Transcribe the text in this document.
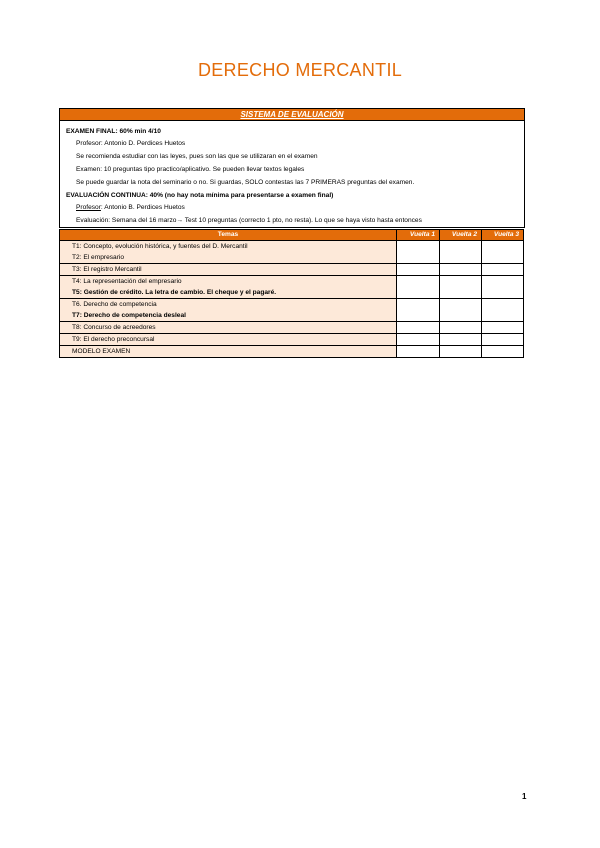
DERECHO MERCANTIL
SISTEMA DE EVALUACIÓN
EXAMEN FINAL: 60% min 4/10
Profesor: Antonio D. Perdices Huetos
Se recomienda estudiar con las leyes, pues son las que se utilizaran en el examen
Examen: 10 preguntas tipo practico/aplicativo. Se pueden llevar textos legales
Se puede guardar la nota del seminario o no. Si guardas, SOLO contestas las 7 PRIMERAS preguntas del examen.
EVALUACIÓN CONTINUA: 40% (no hay nota mínima para presentarse a examen final)
Profesor: Antonio B. Perdices Huetos
Evaluación: Semana del 16 marzo→ Test 10 preguntas (correcto 1 pto, no resta). Lo que se haya visto hasta entonces
Temas	Vuelta 1	Vuelta 2	Vuelta 3

T1: Concepto, evolución histórica, y fuentes del D. Mercantil
T2: El empresario			

T3: El registro Mercantil			

T4: La representación del empresario
T5: Gestión de crédito. La letra de cambio. El cheque y el pagaré.			

T6. Derecho de competencia
T7: Derecho de competencia desleal			

T8: Concurso de acreedores			

T9: El derecho preconcursal			

MODELO EXAMEN			

1
